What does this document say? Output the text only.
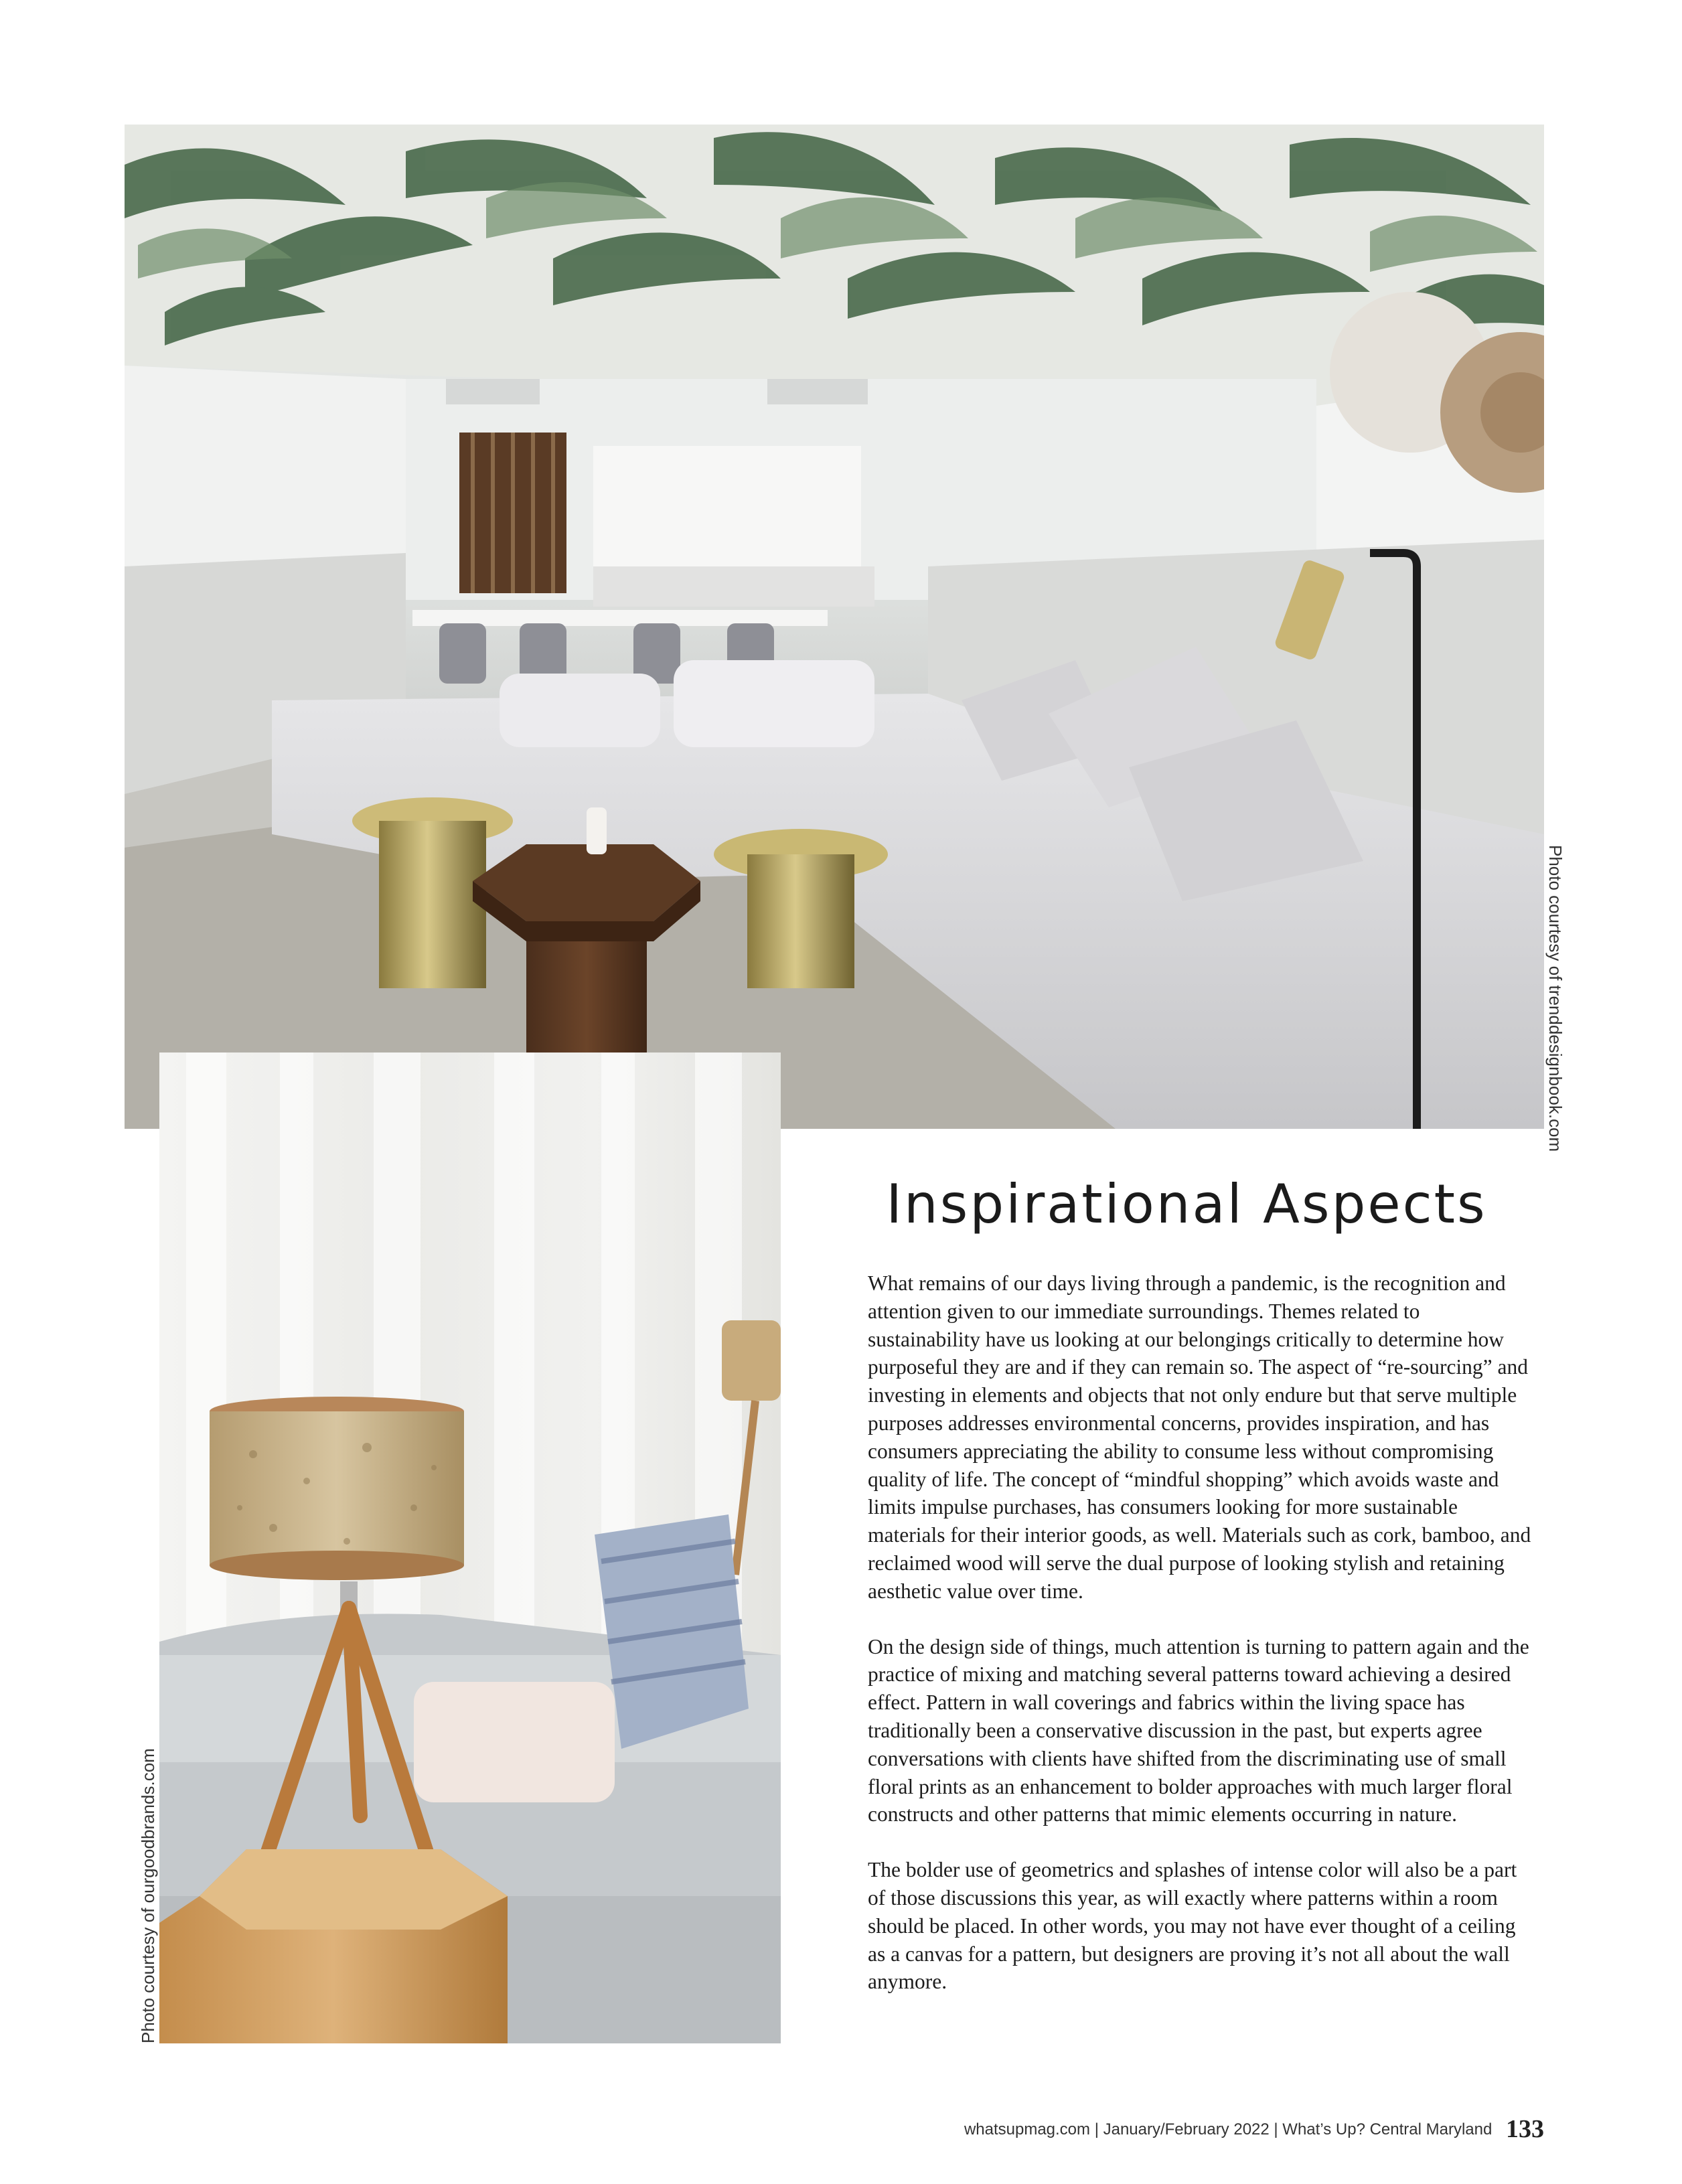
Photo courtesy of trenddesignbook.com
Photo courtesy of ourgoodbrands.com
Inspirational Aspects

What remains of our days living through a pandemic, is the recognition and attention given to our immediate surroundings. Themes related to sustainability have us looking at our belongings critically to determine how purposeful they are and if they can remain so. The aspect of “re-sourcing” and investing in elements and objects that not only endure but that serve multiple purposes addresses environmental concerns, provides inspiration, and has consumers appreciating the ability to consume less without compromising quality of life. The concept of “mindful shopping” which avoids waste and limits impulse purchases, has consumers looking for more sustainable materials for their interior goods, as well. Materials such as cork, bamboo, and reclaimed wood will serve the dual purpose of looking stylish and retaining aesthetic value over time.

On the design side of things, much attention is turning to pattern again and the practice of mixing and matching several patterns toward achieving a desired effect. Pattern in wall coverings and fabrics within the living space has traditionally been a conservative discussion in the past, but experts agree conversations with clients have shifted from the discriminating use of small floral prints as an enhancement to bolder approaches with much larger floral constructs and other patterns that mimic elements occurring in nature.

The bolder use of geometrics and splashes of intense color will also be a part of those discussions this year, as will exactly where patterns within a room should be placed. In other words, you may not have ever thought of a ceiling as a canvas for a pattern, but designers are proving it’s not all about the wall anymore.

whatsupmag.com | January/February 2022 | What’s Up? Central Maryland 133
